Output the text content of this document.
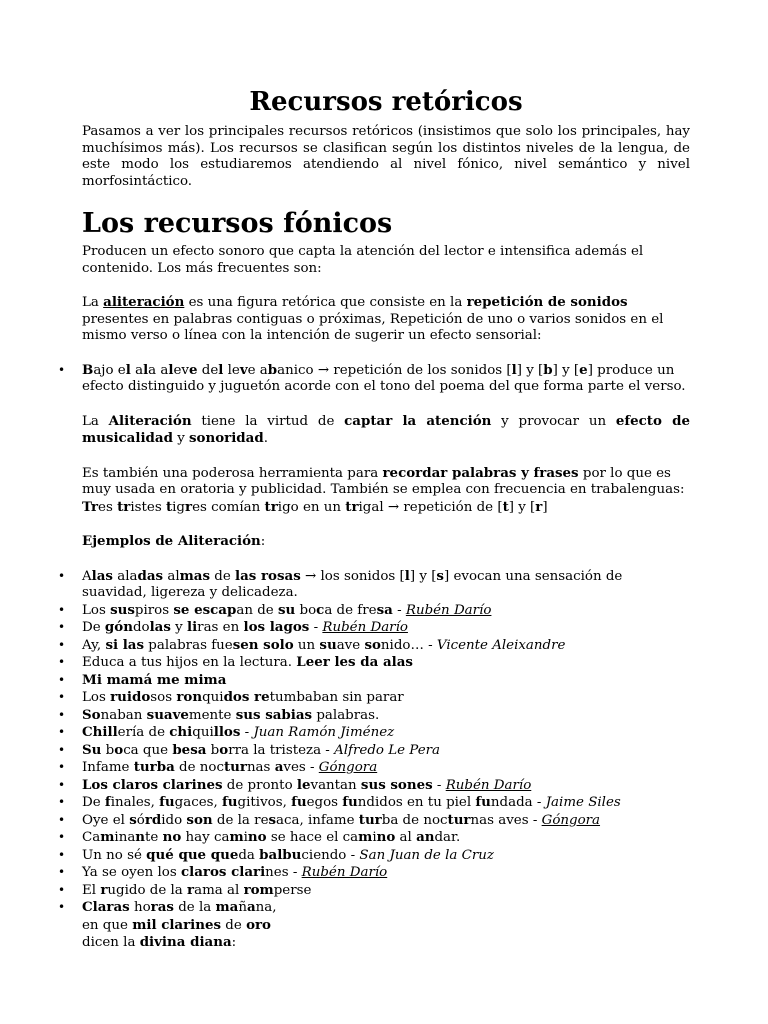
Recursos retóricos

Pasamos a ver los principales recursos retóricos (insistimos que solo los principales, hay muchísimos más). Los recursos se clasifican según los distintos niveles de la lengua, de este modo los estudiaremos atendiendo al nivel fónico, nivel semántico y nivel morfosintáctico.

Los recursos fónicos

Producen un efecto sonoro que capta la atención del lector e intensifica además el contenido. Los más frecuentes son:

La aliteración es una figura retórica que consiste en la repetición de sonidos presentes en palabras contiguas o próximas, Repetición de uno o varios sonidos en el mismo verso o línea con la intención de sugerir un efecto sensorial:

• Bajo el ala aleve del leve abanico → repetición de los sonidos [l] y [b] y [e] produce un efecto distinguido y juguetón acorde con el tono del poema del que forma parte el verso.

La Aliteración tiene la virtud de captar la atención y provocar un efecto de musicalidad y sonoridad.

Es también una poderosa herramienta para recordar palabras y frases por lo que es muy usada en oratoria y publicidad. También se emplea con frecuencia en trabalenguas:
Tres tristes tigres comían trigo en un trigal → repetición de [t] y [r]

Ejemplos de Aliteración:

• Alas aladas almas de las rosas → los sonidos [l] y [s] evocan una sensación de suavidad, ligereza y delicadeza.
• Los suspiros se escapan de su boca de fresa - Rubén Darío
• De góndolas y liras en los lagos - Rubén Darío
• Ay, si las palabras fuesen solo un suave sonido… - Vicente Aleixandre
• Educa a tus hijos en la lectura. Leer les da alas
• Mi mamá me mima
• Los ruidosos ronquidos retumbaban sin parar
• Sonaban suavemente sus sabias palabras.
• Chillería de chiquillos - Juan Ramón Jiménez
• Su boca que besa borra la tristeza - Alfredo Le Pera
• Infame turba de nocturnas aves - Góngora
• Los claros clarines de pronto levantan sus sones - Rubén Darío
• De finales, fugaces, fugitivos, fuegos fundidos en tu piel fundada - Jaime Siles
• Oye el sórdido son de la resaca, infame turba de nocturnas aves - Góngora
• Caminante no hay camino se hace el camino al andar.
• Un no sé qué que queda balbuciendo - San Juan de la Cruz
• Ya se oyen los claros clarines - Rubén Darío
• El rugido de la rama al romperse
• Claras horas de la mañana,
en que mil clarines de oro
dicen la divina diana:
